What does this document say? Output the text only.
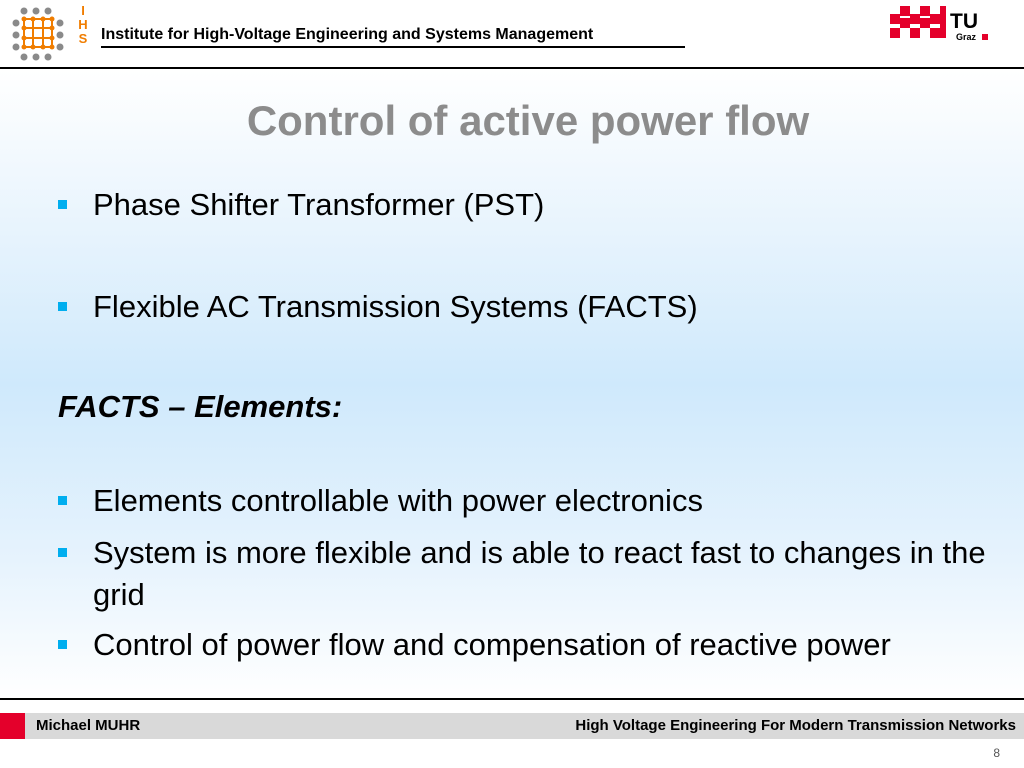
I
H
S Institute for High-Voltage Engineering and Systems Management
TU
Graz
Control of active power flow
Phase Shifter Transformer (PST)
Flexible AC Transmission Systems (FACTS)
FACTS – Elements:
Elements controllable with power electronics
System is more flexible and is able to react fast to changes in the grid
Control of power flow and compensation of reactive power
Michael MUHR	High Voltage Engineering For Modern Transmission Networks
8
